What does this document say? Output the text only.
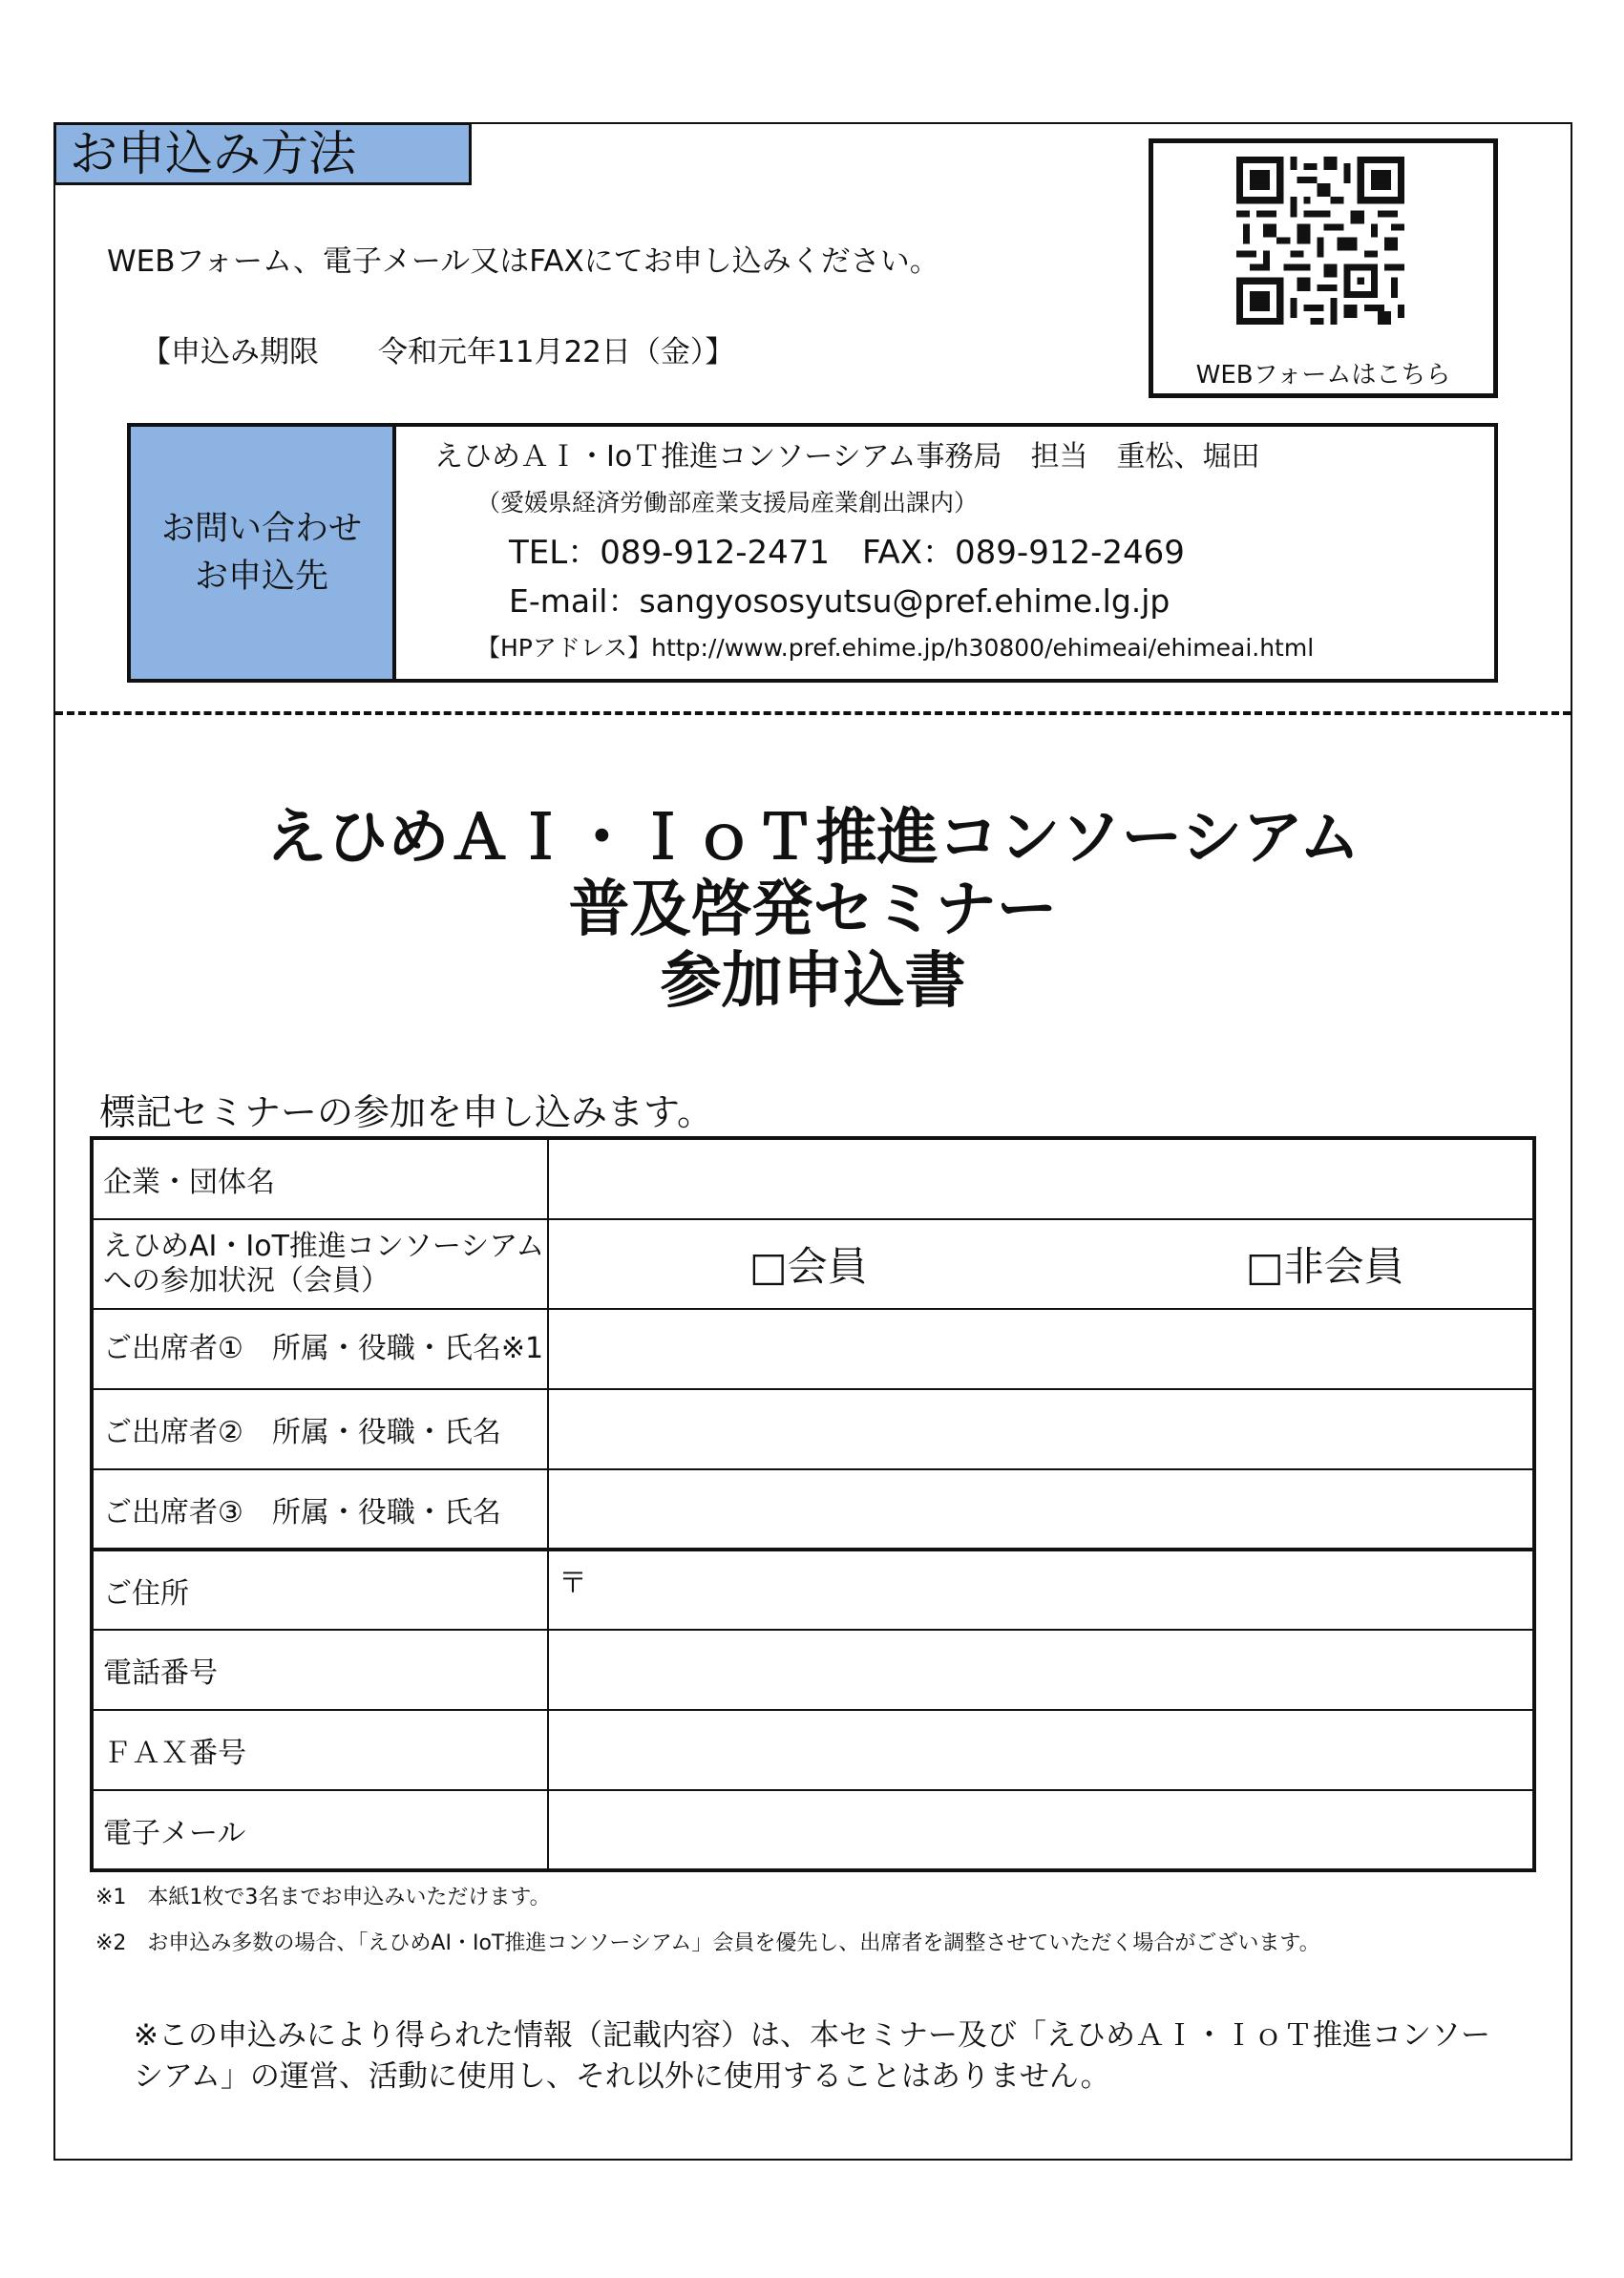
お申込み方法
WEBフォーム、電子メール又はFAXにてお申し込みください。
【申込み期限　　令和元年11月22日（金）】
WEBフォームはこちら
お問い合わせ
お申込先
えひめＡＩ・IoＴ推進コンソーシアム事務局　担当　重松、堀田
（愛媛県経済労働部産業支援局産業創出課内）
TEL：089-912-2471　FAX：089-912-2469
E-mail：sangyososyutsu@pref.ehime.lg.jp
【HPアドレス】http://www.pref.ehime.jp/h30800/ehimeai/ehimeai.html
えひめＡＩ・ＩｏＴ推進コンソーシアム
普及啓発セミナー
参加申込書
標記セミナーの参加を申し込みます。
企業・団体名	
えひめAI・IoT推進コンソーシアムへの参加状況（会員）	□会員 □非会員

ご出席者①　所属・役職・氏名※1	
ご出席者②　所属・役職・氏名	
ご出席者③　所属・役職・氏名	
ご住所	〒
電話番号	
ＦＡＸ番号	
電子メール	
※1　本紙1枚で3名までお申込みいただけます。
※2　お申込み多数の場合、「えひめAI・IoT推進コンソーシアム」会員を優先し、出席者を調整させていただく場合がございます。
※この申込みにより得られた情報（記載内容）は、本セミナー及び「えひめＡＩ・ＩｏＴ推進コンソーシアム」の運営、活動に使用し、それ以外に使用することはありません。
